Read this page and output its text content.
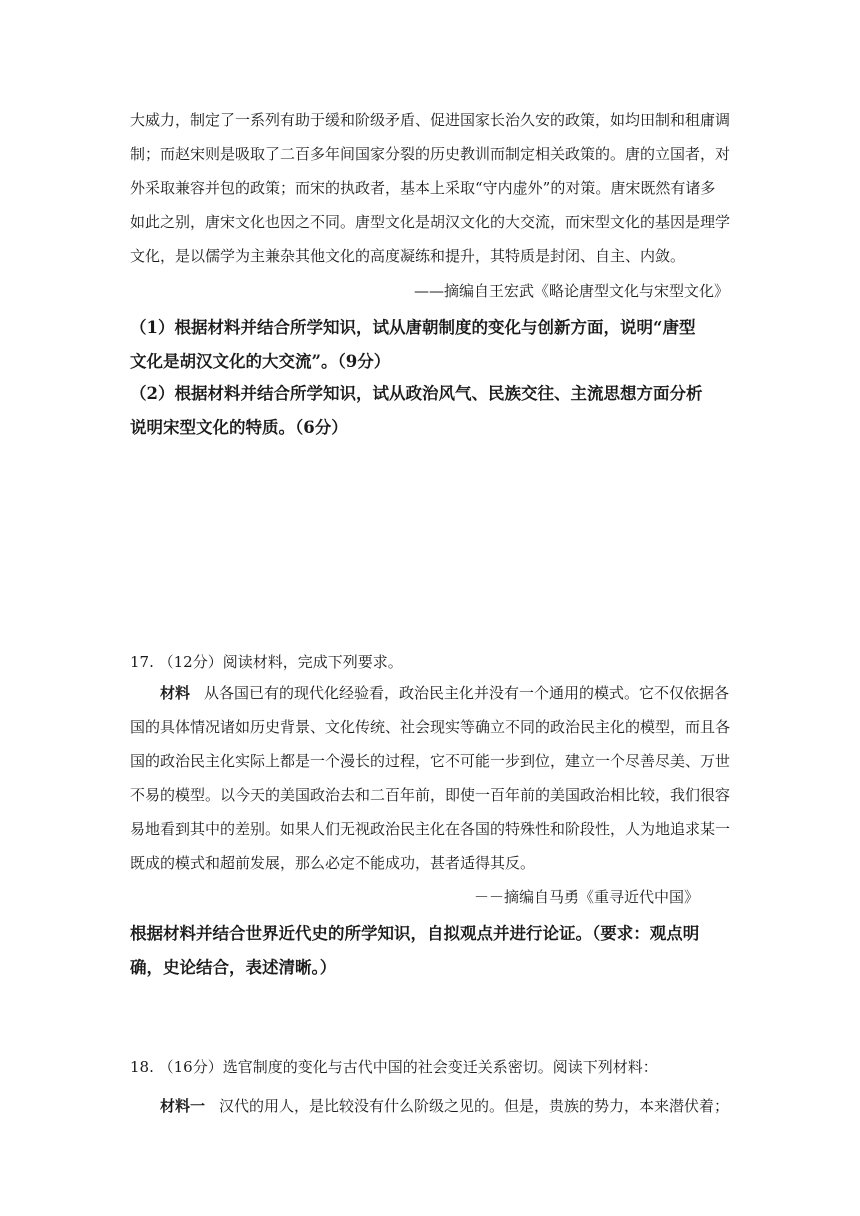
大威力，制定了一系列有助于缓和阶级矛盾、促进国家长治久安的政策，如均田制和租庸调
制；而赵宋则是吸取了二百多年间国家分裂的历史教训而制定相关政策的。唐的立国者，对
外采取兼容并包的政策；而宋的执政者，基本上采取“守内虚外”的对策。唐宋既然有诸多
如此之别，唐宋文化也因之不同。唐型文化是胡汉文化的大交流，而宋型文化的基因是理学
文化，是以儒学为主兼杂其他文化的高度凝练和提升，其特质是封闭、自主、内敛。
——摘编自王宏武《略论唐型文化与宋型文化》
（1）根据材料并结合所学知识，试从唐朝制度的变化与创新方面，说明“唐型
文化是胡汉文化的大交流”。（9分）
（2）根据材料并结合所学知识，试从政治风气、民族交往、主流思想方面分析
说明宋型文化的特质。（6分）
17. （12分）阅读材料，完成下列要求。
材料 从各国已有的现代化经验看，政治民主化并没有一个通用的模式。它不仅依据各
国的具体情况诸如历史背景、文化传统、社会现实等确立不同的政治民主化的模型，而且各
国的政治民主化实际上都是一个漫长的过程，它不可能一步到位，建立一个尽善尽美、万世
不易的模型。以今天的美国政治去和二百年前，即使一百年前的美国政治相比较，我们很容
易地看到其中的差别。如果人们无视政治民主化在各国的特殊性和阶段性，人为地追求某一
既成的模式和超前发展，那么必定不能成功，甚者适得其反。
－－摘编自马勇《重寻近代中国》
根据材料并结合世界近代史的所学知识，自拟观点并进行论证。（要求：观点明
确，史论结合，表述清晰。）
18. （16分）选官制度的变化与古代中国的社会变迁关系密切。阅读下列材料：
材料一 汉代的用人，是比较没有什么阶级之见的。但是，贵族的势力，本来潜伏着；
